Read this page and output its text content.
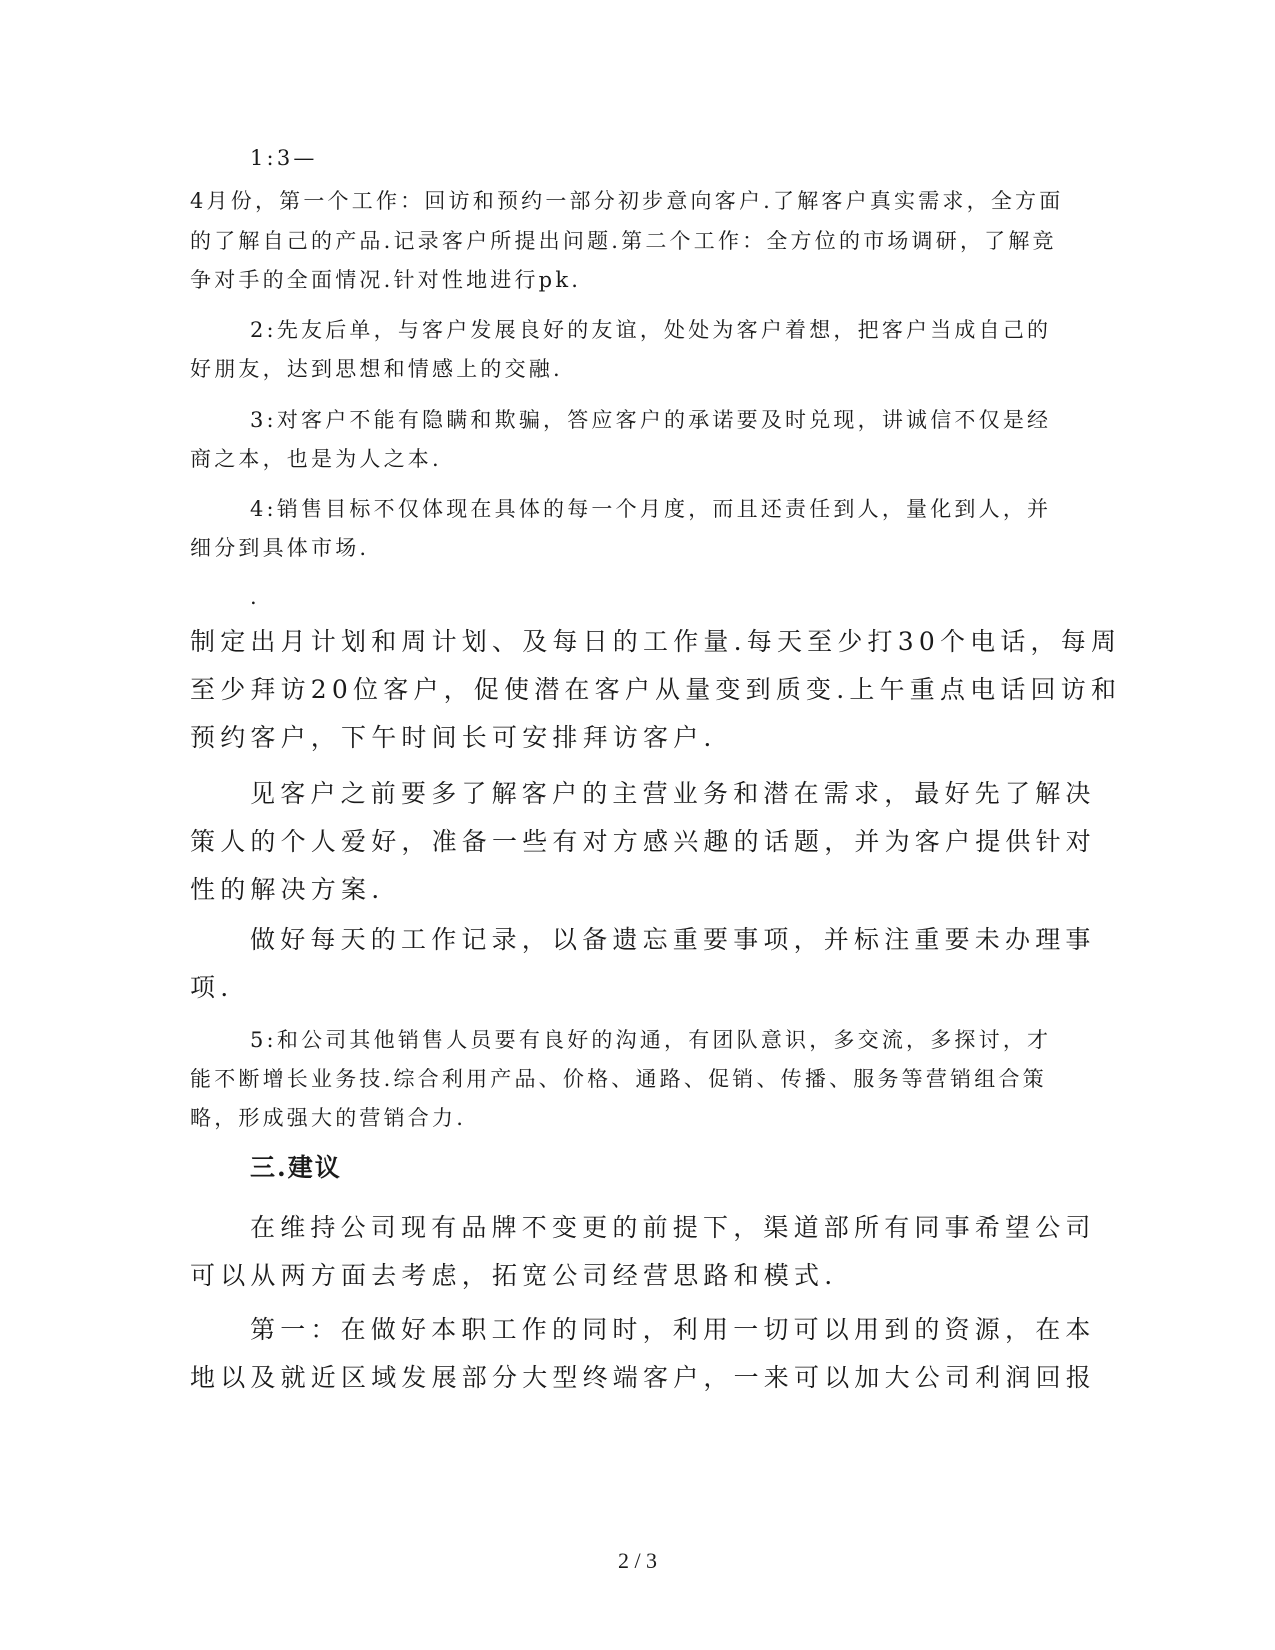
1:3—
4月份，第一个工作：回访和预约一部分初步意向客户.了解客户真实需求，全方面
的了解自己的产品.记录客户所提出问题.第二个工作：全方位的市场调研，了解竞
争对手的全面情况.针对性地进行pk.
2:先友后单，与客户发展良好的友谊，处处为客户着想，把客户当成自己的
好朋友，达到思想和情感上的交融.
3:对客户不能有隐瞒和欺骗，答应客户的承诺要及时兑现，讲诚信不仅是经
商之本，也是为人之本.
4:销售目标不仅体现在具体的每一个月度，而且还责任到人，量化到人，并
细分到具体市场.
.
制定出月计划和周计划、及每日的工作量.每天至少打30个电话，每周
至少拜访20位客户，促使潜在客户从量变到质变.上午重点电话回访和
预约客户，下午时间长可安排拜访客户.
见客户之前要多了解客户的主营业务和潜在需求，最好先了解决
策人的个人爱好，准备一些有对方感兴趣的话题，并为客户提供针对
性的解决方案.
做好每天的工作记录，以备遗忘重要事项，并标注重要未办理事
项.
5:和公司其他销售人员要有良好的沟通，有团队意识，多交流，多探讨，才
能不断增长业务技.综合利用产品、价格、通路、促销、传播、服务等营销组合策
略，形成强大的营销合力.
三.建议
在维持公司现有品牌不变更的前提下，渠道部所有同事希望公司
可以从两方面去考虑，拓宽公司经营思路和模式.
第一：在做好本职工作的同时，利用一切可以用到的资源，在本
地以及就近区域发展部分大型终端客户，一来可以加大公司利润回报
2 / 3
